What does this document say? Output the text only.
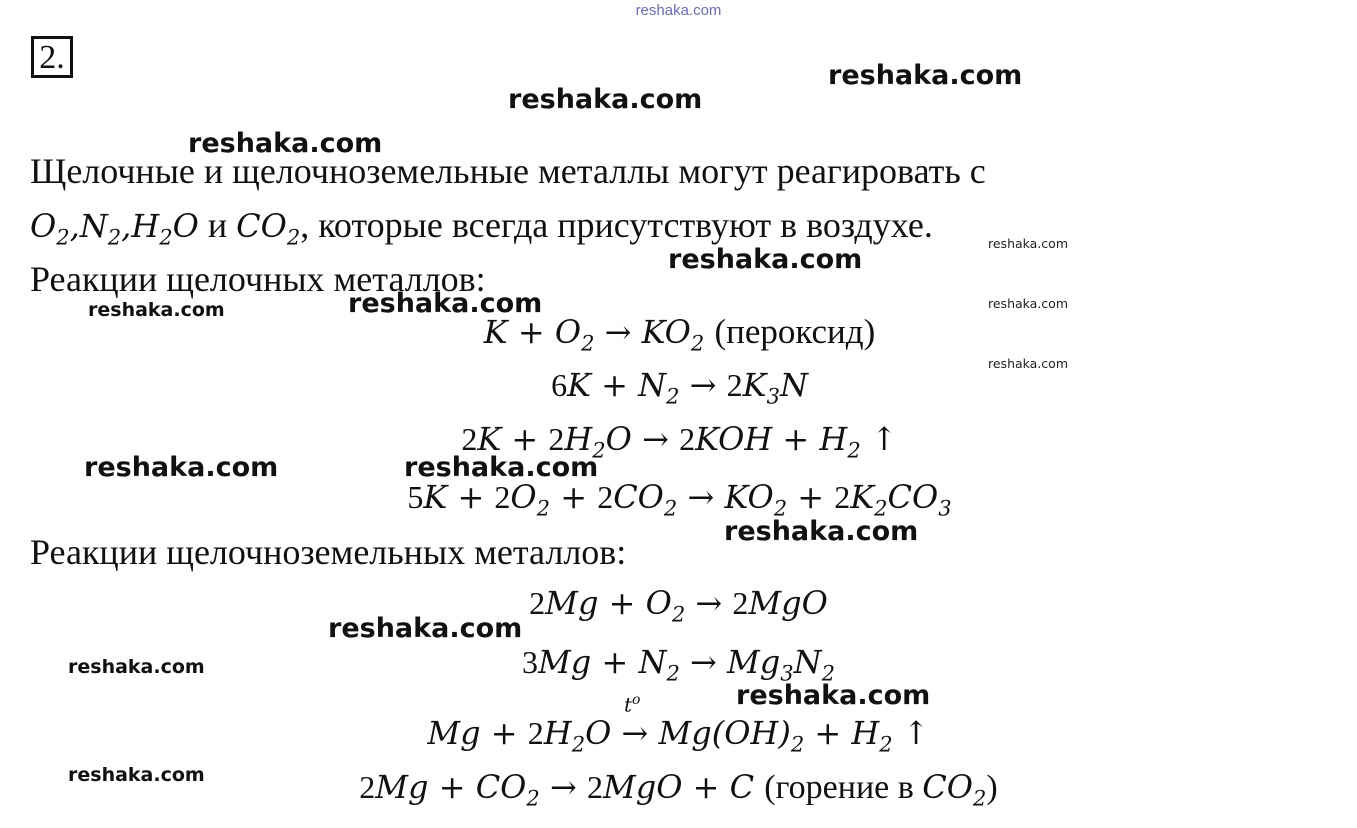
reshaka.com
2.
Щелочные и щелочноземельные металлы могут реагировать с
$O_2,N_2,H_2O$ и $CO_2$, которые всегда присутствуют в воздухе.
Реакции щелочных металлов:
$K + O_2 \to KO_2$ (пероксид)
$6K + N_2 \to 2K_3N$
$2K + 2H_2O \to 2KOH + H_2$ ↑
$5K + 2O_2 + 2CO_2 \to KO_2 + 2K_2CO_3$
Реакции щелочноземельных металлов:
$2Mg + O_2 \to 2MgO$
$3Mg + N_2 \to Mg_3N_2$
$t^o$
$Mg + 2H_2O \to Mg(OH)_2 + H_2$ ↑
$2Mg + CO_2 \to 2MgO + C$ (горение в $CO_2$)
reshaka.com
reshaka.com
reshaka.com
reshaka.com
reshaka.com
reshaka.com
reshaka.com	reshaka.com
reshaka.com
reshaka.com	reshaka.com
reshaka.com
reshaka.com
reshaka.com
reshaka.com
reshaka.com
